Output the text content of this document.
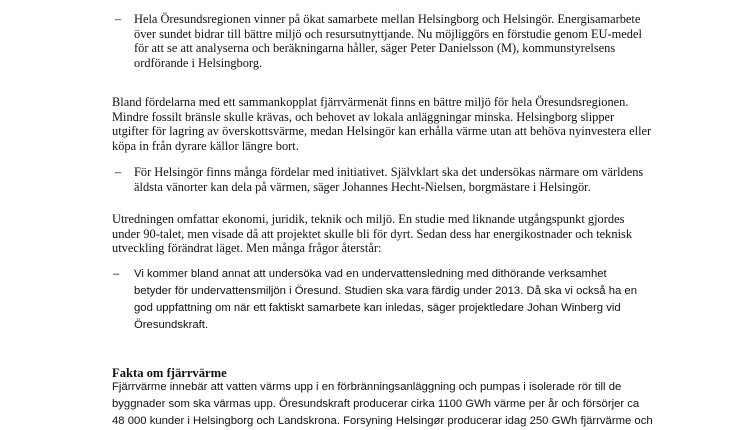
– Hela Öresundsregionen vinner på ökat samarbete mellan Helsingborg och Helsingör. Energisamarbete
över sundet bidrar till bättre miljö och resursutnyttjande. Nu möjliggörs en förstudie genom EU-medel
för att se att analyserna och beräkningarna håller, säger Peter Danielsson (M), kommunstyrelsens
ordförande i Helsingborg.

Bland fördelarna med ett sammankopplat fjärrvärmenät finns en bättre miljö för hela Öresundsregionen.
Mindre fossilt bränsle skulle krävas, och behovet av lokala anläggningar minska. Helsingborg slipper
utgifter för lagring av överskottsvärme, medan Helsingör kan erhålla värme utan att behöva nyinvestera eller
köpa in från dyrare källor längre bort.

– För Helsingör finns många fördelar med initiativet. Självklart ska det undersökas närmare om världens
äldsta vänorter kan dela på värmen, säger Johannes Hecht-Nielsen, borgmästare i Helsingör.

Utredningen omfattar ekonomi, juridik, teknik och miljö. En studie med liknande utgångspunkt gjordes
under 90-talet, men visade då att projektet skulle bli för dyrt. Sedan dess har energikostnader och teknisk
utveckling förändrat läget. Men många frågor återstår:

– Vi kommer bland annat att undersöka vad en undervattensledning med dithörande verksamhet
betyder för undervattensmiljön i Öresund. Studien ska vara färdig under 2013. Då ska vi också ha en
god uppfattning om när ett faktiskt samarbete kan inledas, säger projektledare Johan Winberg vid
Öresundskraft.

Fakta om fjärrvärme

Fjärrvärme innebär att vatten värms upp i en förbränningsanläggning och pumpas i isolerade rör till de
byggnader som ska värmas upp. Öresundskraft producerar cirka 1100 GWh värme per år och försörjer ca
48 000 kunder i Helsingborg och Landskrona. Forsyning Helsingør producerar idag 250 GWh fjärrvärme och
